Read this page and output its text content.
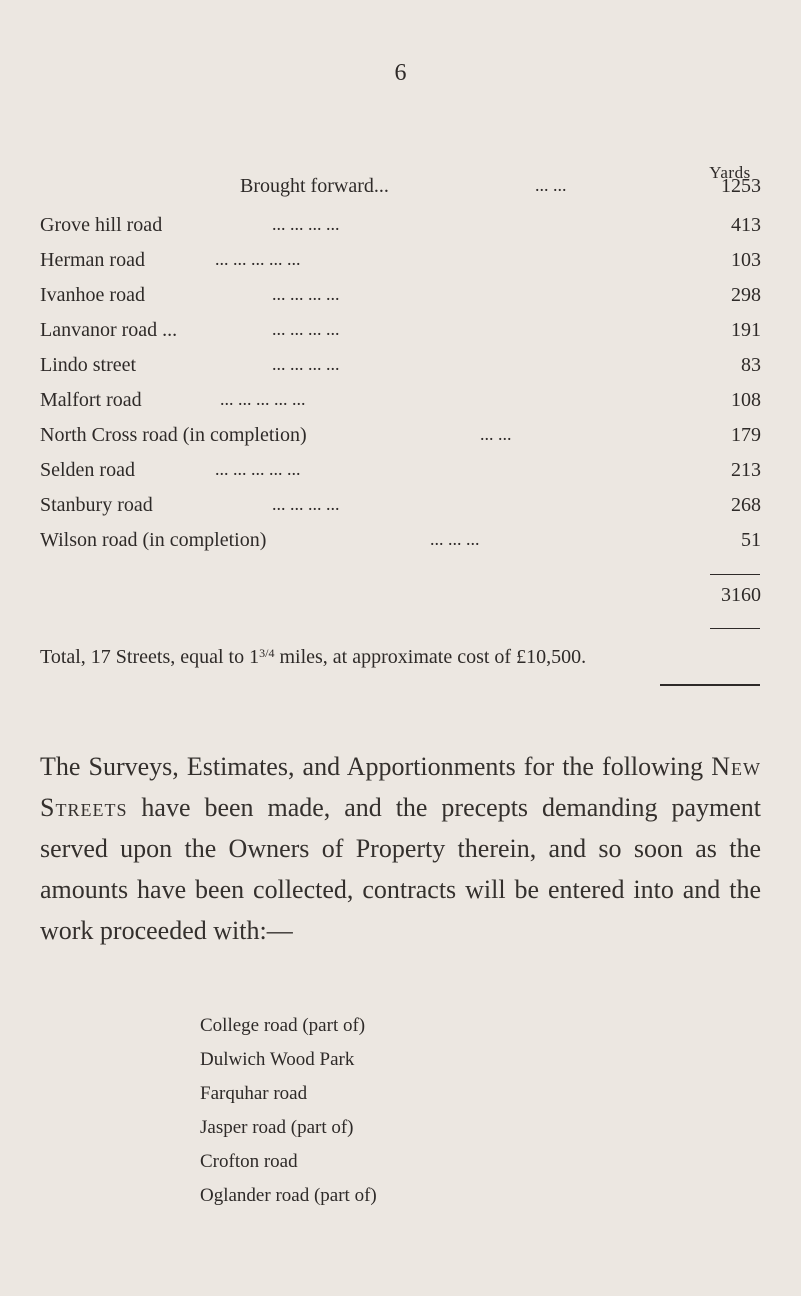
6
Yards
Brought forward...	... ...	1253
Grove hill road	... ... ... ...	413
Herman road	... ... ... ... ...	103
Ivanhoe road	... ... ... ...	298
Lanvanor road ...	... ... ... ...	191
Lindo street	... ... ... ...	83
Malfort road	... ... ... ... ...	108
North Cross road (in completion)	... ...	179
Selden road	... ... ... ... ...	213
Stanbury road	... ... ... ...	268
Wilson road (in completion)	... ... ...	51
3160
Total, 17 Streets, equal to $1^{3/4}$ miles, at approximate cost of £10,500.
The Surveys, Estimates, and Apportionments for the following New Streets have been made, and the precepts demanding payment served upon the Owners of Property therein, and so soon as the amounts have been collected, contracts will be entered into and the work proceeded with:—
College road (part of)
Dulwich Wood Park
Farquhar road
Jasper road (part of)
Crofton road
Oglander road (part of)
